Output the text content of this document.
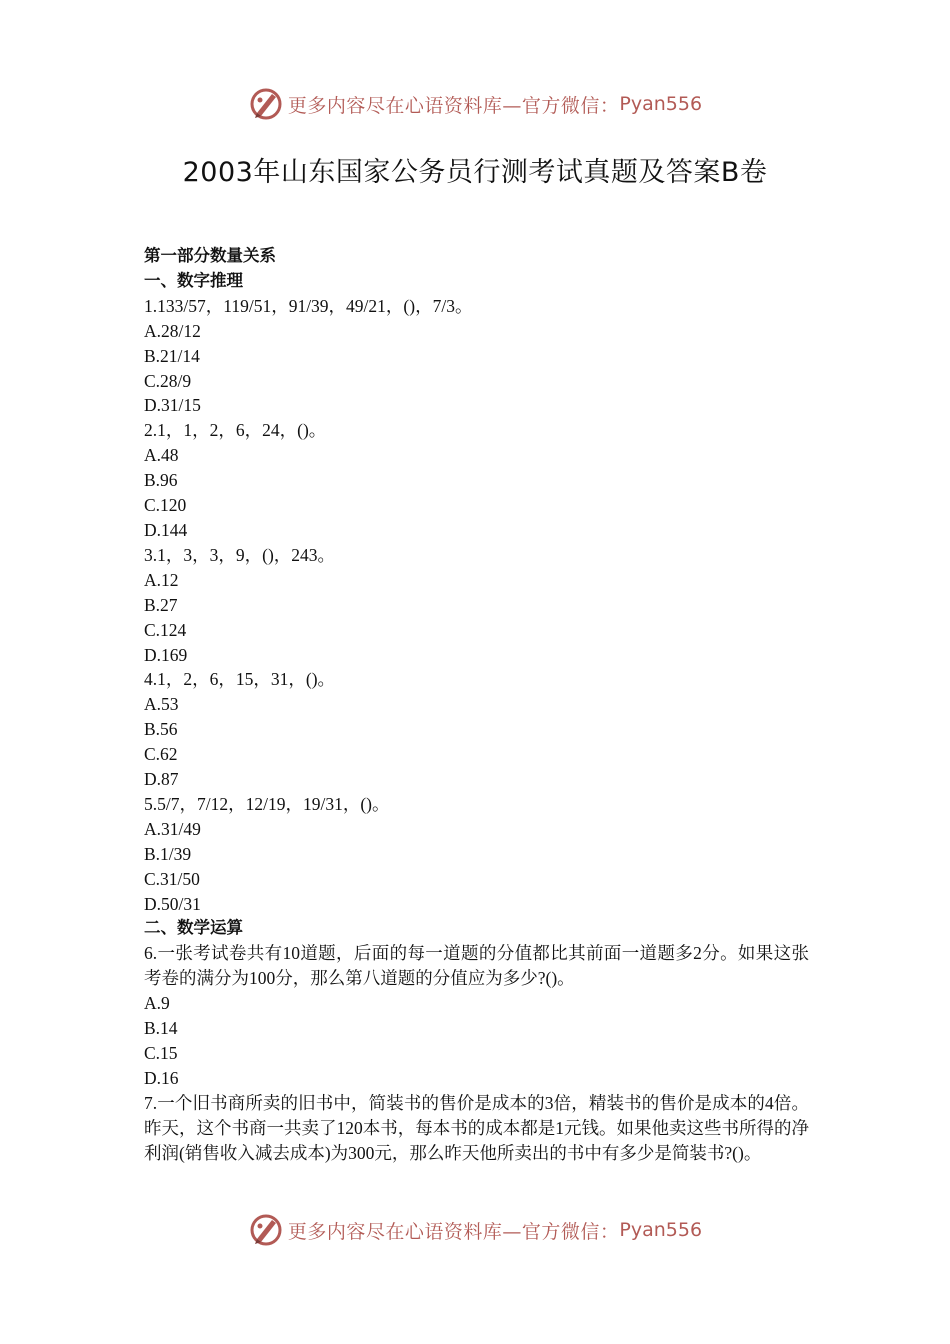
更多内容尽在心语资料库—官方微信： Pyan556
2003年山东国家公务员行测考试真题及答案B卷
第一部分数量关系
一、数字推理
1.133/57，119/51，91/39，49/21，()，7/3。
A.28/12
B.21/14
C.28/9
D.31/15
2.1，1，2，6，24，()。
A.48
B.96
C.120
D.144
3.1，3，3，9，()，243。
A.12
B.27
C.124
D.169
4.1，2，6，15，31，()。
A.53
B.56
C.62
D.87
5.5/7，7/12，12/19，19/31，()。
A.31/49
B.1/39
C.31/50
D.50/31
二、数学运算
6.一张考试卷共有10道题，后面的每一道题的分值都比其前面一道题多2分。如果这张考卷的满分为100分，那么第八道题的分值应为多少?()。
A.9
B.14
C.15
D.16
7.一个旧书商所卖的旧书中，简装书的售价是成本的3倍，精装书的售价是成本的4倍。昨天，这个书商一共卖了120本书，每本书的成本都是1元钱。如果他卖这些书所得的净利润(销售收入减去成本)为300元，那么昨天他所卖出的书中有多少是简装书?()。
更多内容尽在心语资料库—官方微信： Pyan556
